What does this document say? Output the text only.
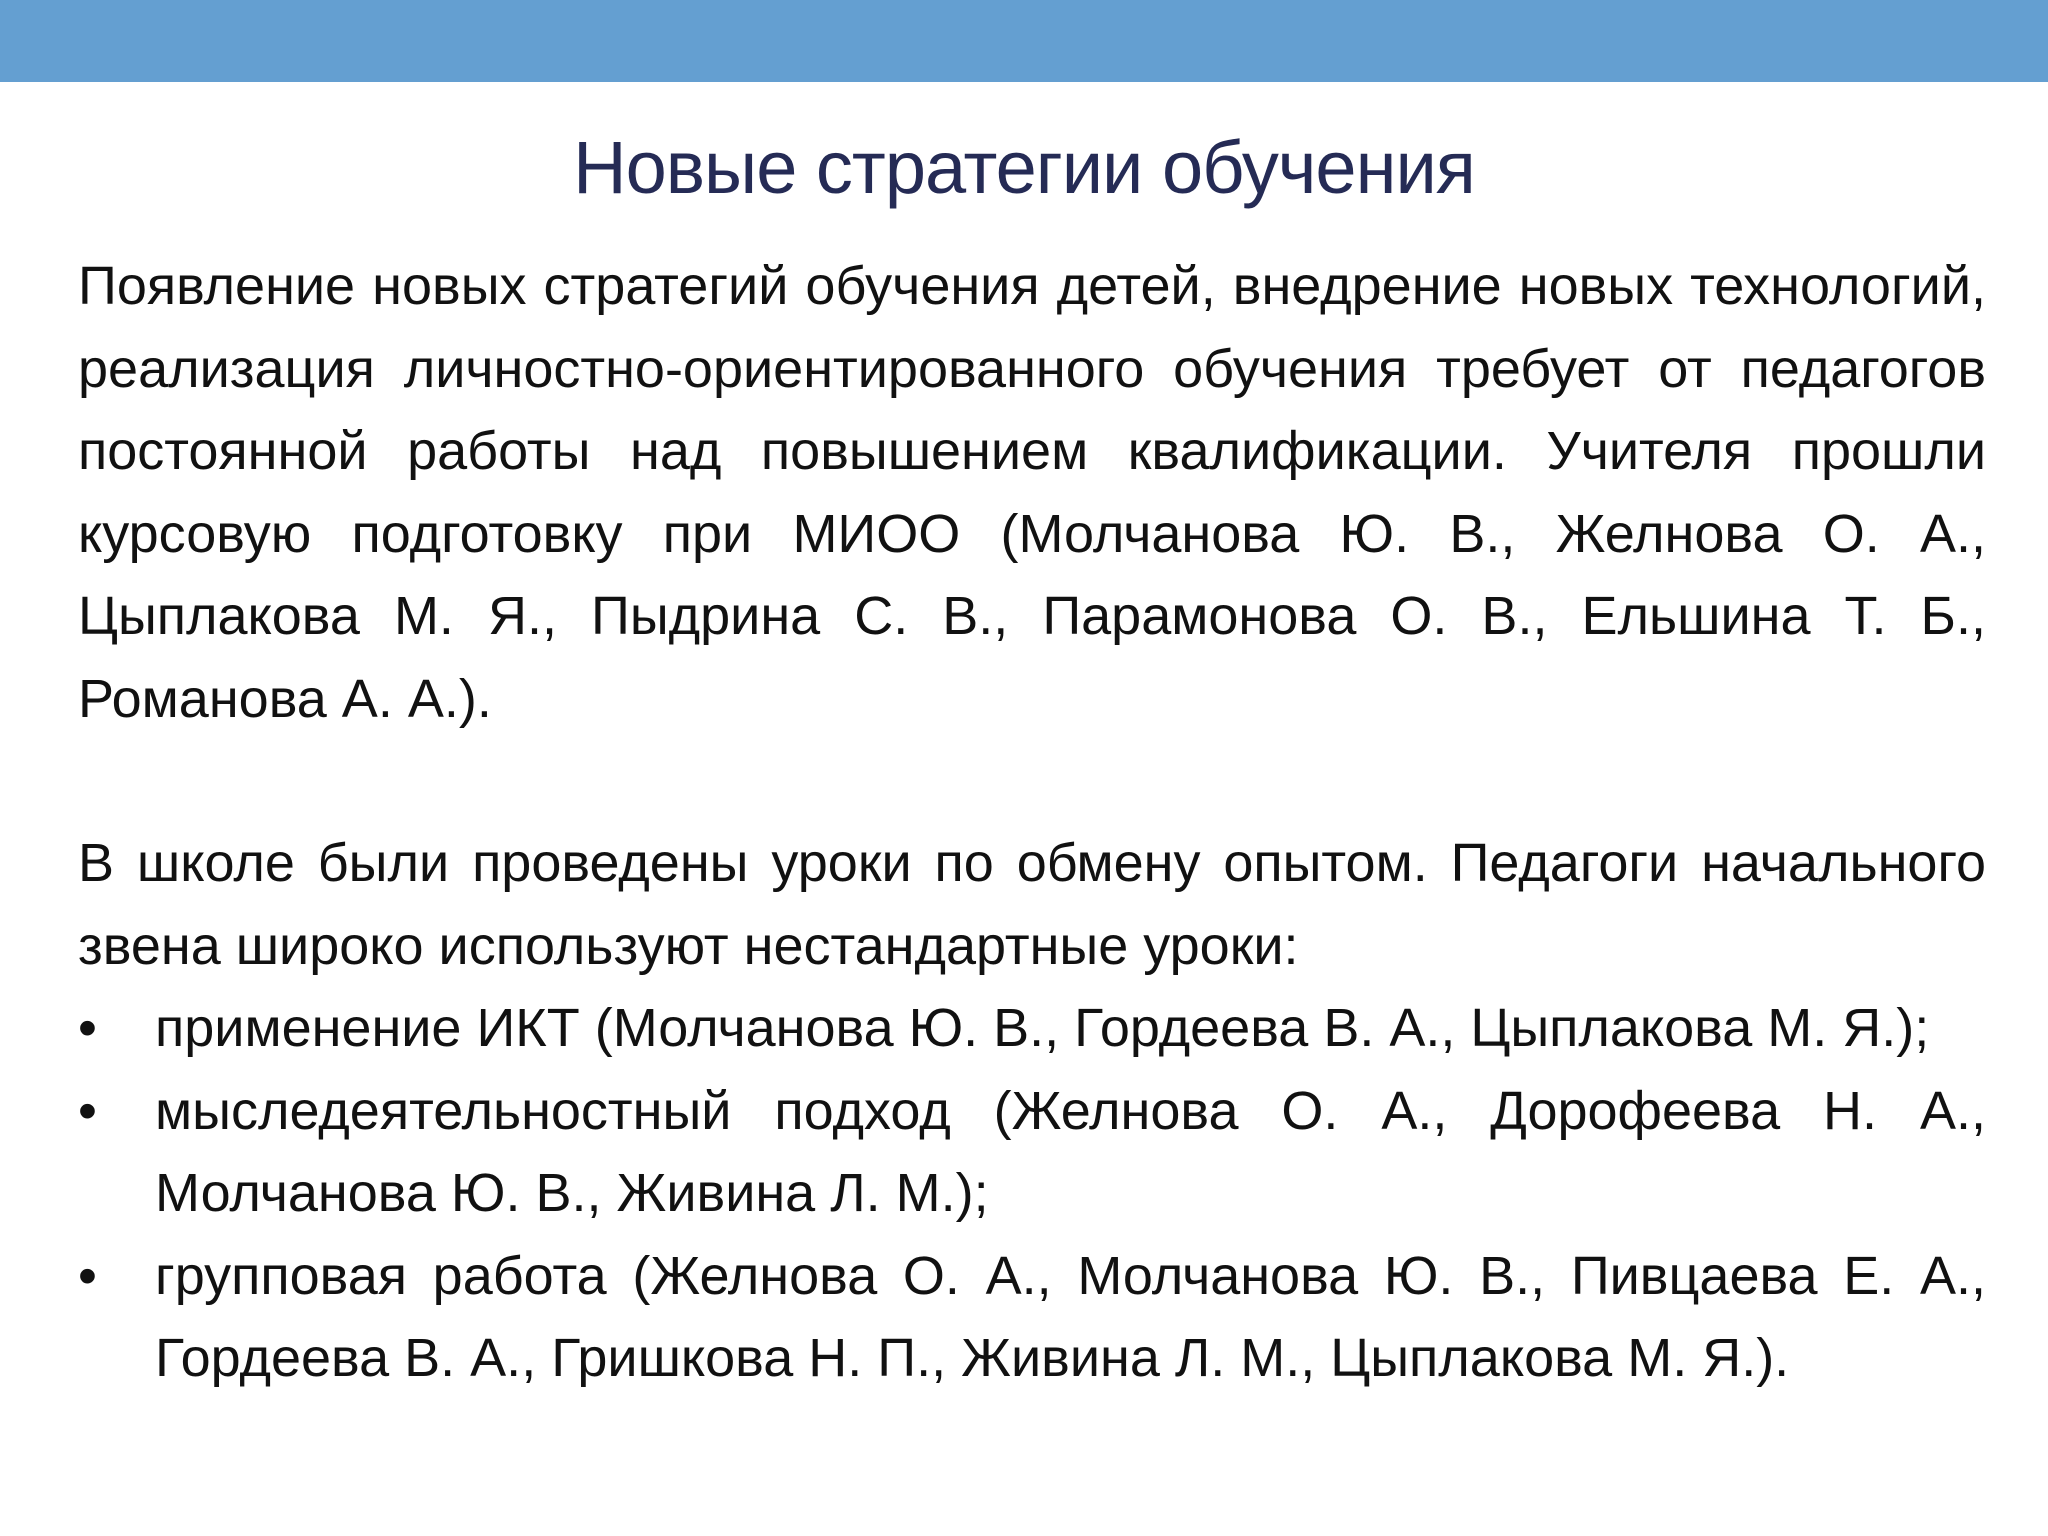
Новые стратегии обучения

Появление новых стратегий обучения детей, внедрение новых технологий, реализация личностно-ориентированного обучения требует от педагогов постоянной работы над повышением квалификации. Учителя прошли курсовую подготовку при МИОО (Молчанова Ю. В., Желнова О. А., Цыплакова М. Я., Пыдрина С. В., Парамонова О. В., Ельшина Т. Б., Романова А. А.).

В школе были проведены уроки по обмену опытом. Педагоги начального звена широко используют нестандартные уроки:

• применение ИКТ (Молчанова Ю. В., Гордеева В. А., Цыплакова М. Я.);
• мыследеятельностный подход (Желнова О. А., Дорофеева Н. А., Молчанова Ю. В., Живина Л. М.);
• групповая работа (Желнова О. А., Молчанова Ю. В., Пивцаева Е. А., Гордеева В. А., Гришкова Н. П., Живина Л. М., Цыплакова М. Я.).
